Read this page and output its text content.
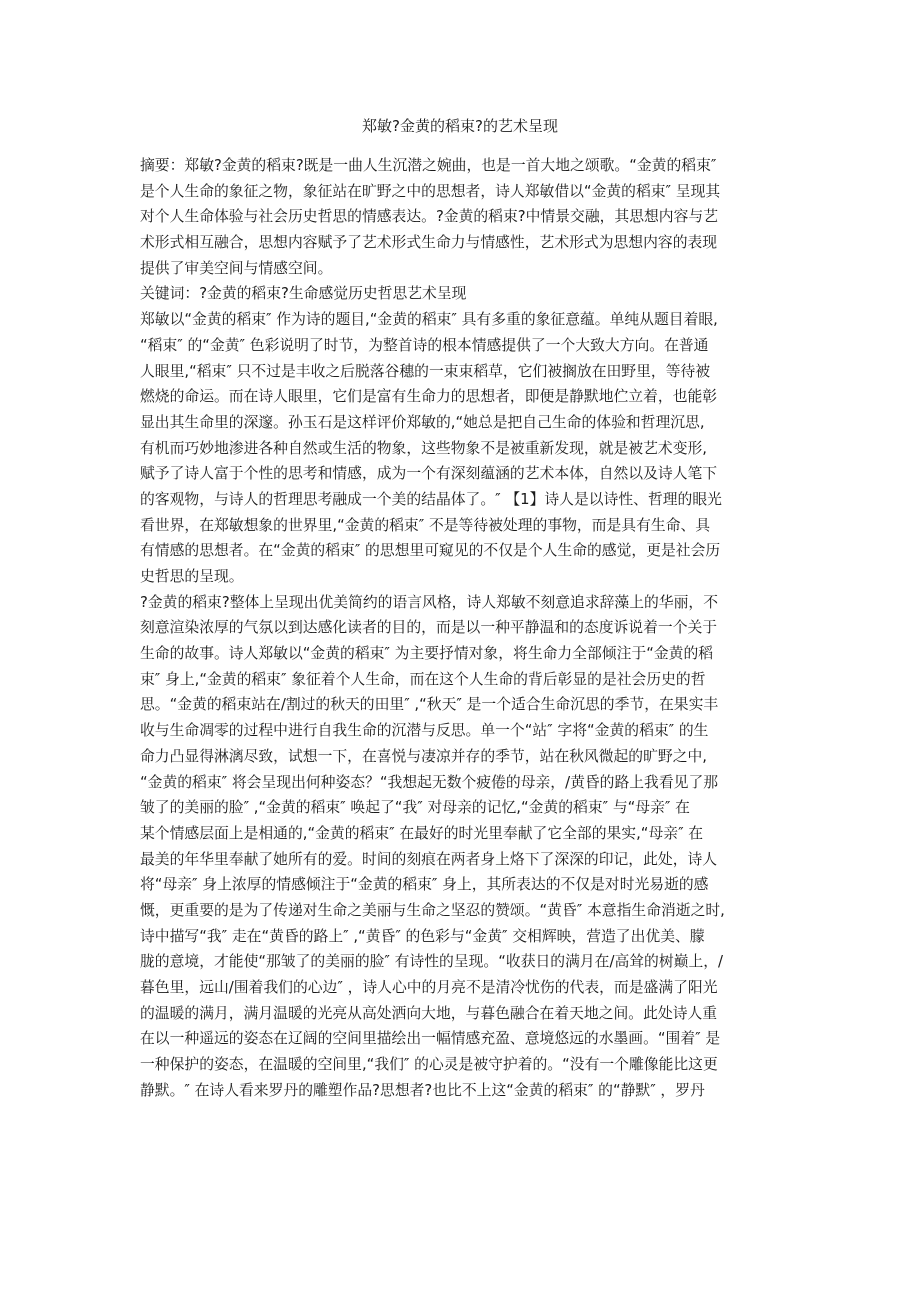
郑敏?金黄的稻束?的艺术呈现
摘要：郑敏?金黄的稻束?既是一曲人生沉潜之婉曲，也是一首大地之颂歌。“金黄的稻束″
是个人生命的象征之物，象征站在旷野之中的思想者，诗人郑敏借以“金黄的稻束″ 呈现其
对个人生命体验与社会历史哲思的情感表达。?金黄的稻束?中情景交融，其思想内容与艺
术形式相互融合，思想内容赋予了艺术形式生命力与情感性，艺术形式为思想内容的表现
提供了审美空间与情感空间。
关键词：?金黄的稻束?生命感觉历史哲思艺术呈现
郑敏以“金黄的稻束″ 作为诗的题目,“金黄的稻束″ 具有多重的象征意蕴。单纯从题目着眼,
“稻束″ 的“金黄″ 色彩说明了时节，为整首诗的根本情感提供了一个大致大方向。在普通
人眼里,“稻束″ 只不过是丰收之后脱落谷穗的一束束稻草，它们被搁放在田野里，等待被
燃烧的命运。而在诗人眼里，它们是富有生命力的思想者，即便是静默地伫立着，也能彰
显出其生命里的深邃。孙玉石是这样评价郑敏的,“她总是把自己生命的体验和哲理沉思,
有机而巧妙地渗进各种自然或生活的物象，这些物象不是被重新发现，就是被艺术变形,
赋予了诗人富于个性的思考和情感，成为一个有深刻蕴涵的艺术本体，自然以及诗人笔下
的客观物，与诗人的哲理思考融成一个美的结晶体了。″ 【1】诗人是以诗性、哲理的眼光
看世界，在郑敏想象的世界里,“金黄的稻束″ 不是等待被处理的事物，而是具有生命、具
有情感的思想者。在“金黄的稻束″ 的思想里可窥见的不仅是个人生命的感觉，更是社会历
史哲思的呈现。
?金黄的稻束?整体上呈现出优美简约的语言风格，诗人郑敏不刻意追求辞藻上的华丽，不
刻意渲染浓厚的气氛以到达感化读者的目的，而是以一种平静温和的态度诉说着一个关于
生命的故事。诗人郑敏以“金黄的稻束″ 为主要抒情对象，将生命力全部倾注于“金黄的稻
束″ 身上,“金黄的稻束″ 象征着个人生命，而在这个人生命的背后彰显的是社会历史的哲
思。“金黄的稻束站在/割过的秋天的田里″ ,“秋天″ 是一个适合生命沉思的季节，在果实丰
收与生命凋零的过程中进行自我生命的沉潜与反思。单一个“站″ 字将“金黄的稻束″ 的生
命力凸显得淋漓尽致，试想一下，在喜悦与凄凉并存的季节，站在秋风微起的旷野之中,
“金黄的稻束″ 将会呈现出何种姿态？“我想起无数个疲倦的母亲，/黄昏的路上我看见了那
皱了的美丽的脸″ ,“金黄的稻束″ 唤起了“我″ 对母亲的记忆,“金黄的稻束″ 与“母亲″ 在
某个情感层面上是相通的,“金黄的稻束″ 在最好的时光里奉献了它全部的果实,“母亲″ 在
最美的年华里奉献了她所有的爱。时间的刻痕在两者身上烙下了深深的印记，此处，诗人
将“母亲″ 身上浓厚的情感倾注于“金黄的稻束″ 身上，其所表达的不仅是对时光易逝的感
慨，更重要的是为了传递对生命之美丽与生命之坚忍的赞颂。“黄昏″ 本意指生命消逝之时,
诗中描写“我″ 走在“黄昏的路上″ ,“黄昏″ 的色彩与“金黄″ 交相辉映，营造了出优美、朦
胧的意境，才能使“那皱了的美丽的脸″ 有诗性的呈现。“收获日的满月在/高耸的树巅上，/
暮色里，远山/围着我们的心边″ ，诗人心中的月亮不是清冷忧伤的代表，而是盛满了阳光
的温暖的满月，满月温暖的光亮从高处洒向大地，与暮色融合在着天地之间。此处诗人重
在以一种遥远的姿态在辽阔的空间里描绘出一幅情感充盈、意境悠远的水墨画。“围着″ 是
一种保护的姿态，在温暖的空间里,“我们″ 的心灵是被守护着的。“没有一个雕像能比这更
静默。″ 在诗人看来罗丹的雕塑作品?思想者?也比不上这“金黄的稻束″ 的“静默″ ，罗丹
